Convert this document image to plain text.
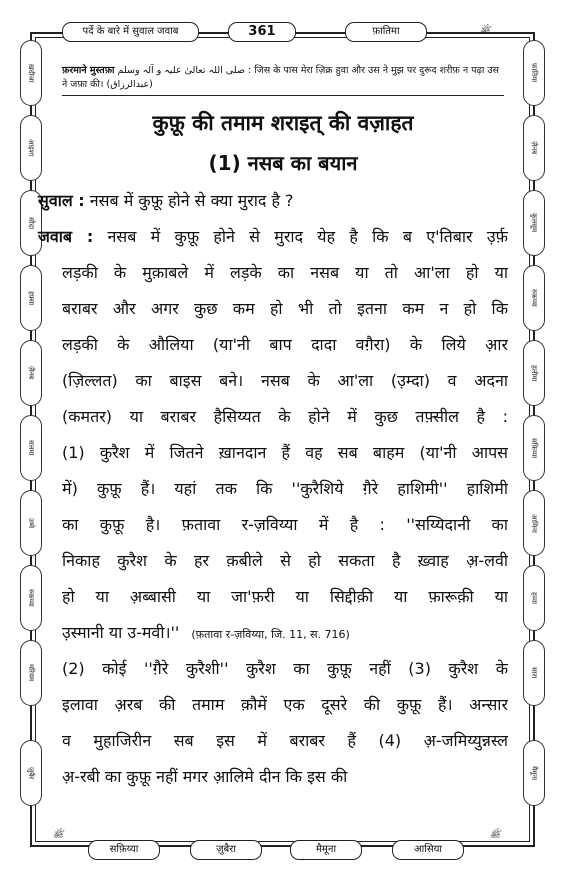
पर्दे के बारे में सुवाल जवाब	361	फ़ातिमा	ﷺ
ख़दीजा
आइशा
सौदा
हफ़्सा
ज़ैनब
सलमा
उम्मे
रुक़य्या
मरियम
ज़ुबैर
फ़ातिमा
ज़ैनब
कुलसूम
रुक़य्या
हलीमा
सफ़िय्या
आमिना
हव्वा
सारा
मैमूना
फ़रमाने मुस्तफ़ा صلی اللہ تعالیٰ علیہ و آلہ وسلم : जिस के पास मेरा ज़िक्र हुवा और उस ने मुझ पर दुरूद शरीफ़ न पढ़ा उस
ने जफ़ा की। (عبدالرزاق)
कुफ़ू की तमाम शराइत् की वज़ाहत
(1) नसब का बयान
सुवाल : नसब में कुफ़ू होने से क्या मुराद है ?
जवाब : नसब में कुफ़ू होने से मुराद येह है कि ब ए'तिबार उ़र्फ़
लड़की के मुक़ाबले में लड़के का नसब या तो आ'ला हो या
बराबर और अगर कुछ कम हो भी तो इतना कम न हो कि
लड़की के औलिया (या'नी बाप दादा वग़ैरा) के लिये आ़र
(ज़िल्लत) का बाइस बने। नसब के आ'ला (उ़म्दा) व अदना
(कमतर) या बराबर हैसिय्यत के होने में कुछ तफ़्सील है :
(1) कुरैश में जितने ख़ानदान हैं वह सब बाहम (या'नी आपस
में) कुफ़ू हैं। यहां तक कि ''कुरैशिये ग़ैरे हाशिमी'' हाशिमी
का कुफ़ू है। फ़तावा र-ज़विय्या में है : ''सय्यिदानी का
निकाह कुरैश के हर क़बीले से हो सकता है ख़्वाह अ़-लवी
हो या अ़ब्बासी या जा'फ़री या सिद्दीक़ी या फ़ारूक़ी या
उ़स्मानी या उ-मवी।'' (फ़तावा र-ज़विय्या, जि. 11, स. 716)
(2) कोई ''ग़ैरे कुरैशी'' कुरैश का कुफ़ू नहीं (3) कुरैश के
इलावा अ़रब की तमाम क़ौमें एक दूसरे की कुफ़ू हैं। अन्सार
व मुहाजिरीन सब इस में बराबर हैं (4) अ़-जमिय्युन्नस्ल
अ़-रबी का कुफ़ू नहीं मगर आ़लिमे दीन कि इस की
ﷺ
सफ़िय्या	ज़ुबैरा	मैमूना	आसिया
ﷺ
